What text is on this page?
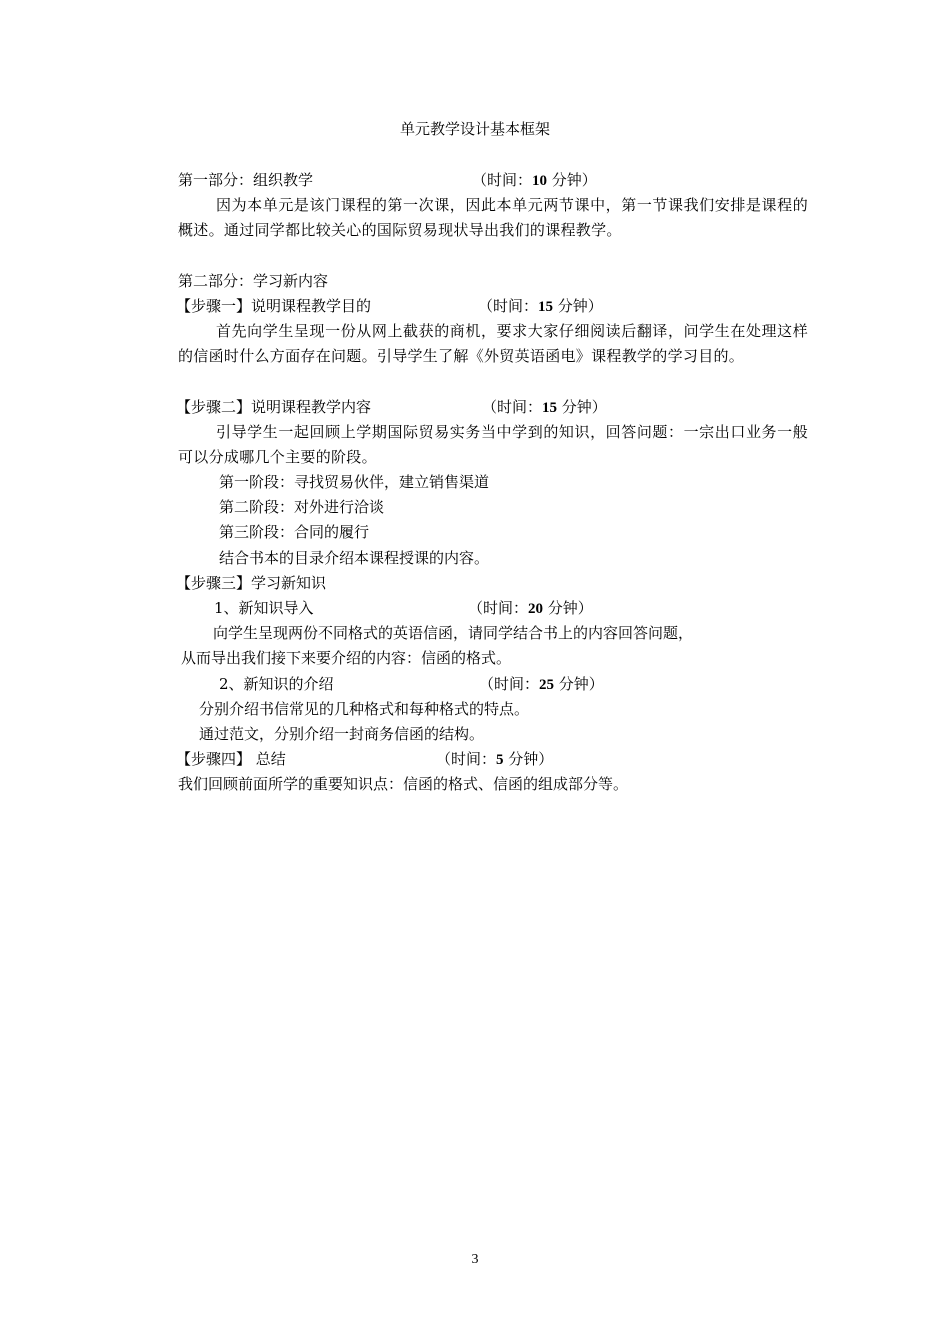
单元教学设计基本框架
第一部分：组织教学	（时间：10 分钟）
因为本单元是该门课程的第一次课，因此本单元两节课中，第一节课我们安排是课程的概述。通过同学都比较关心的国际贸易现状导出我们的课程教学。
第二部分：学习新内容
【步骤一】说明课程教学目的	（时间：15 分钟）
首先向学生呈现一份从网上截获的商机，要求大家仔细阅读后翻译，问学生在处理这样的信函时什么方面存在问题。引导学生了解《外贸英语函电》课程教学的学习目的。
【步骤二】说明课程教学内容	（时间：15 分钟）
引导学生一起回顾上学期国际贸易实务当中学到的知识，回答问题：一宗出口业务一般可以分成哪几个主要的阶段。
第一阶段：寻找贸易伙伴，建立销售渠道
第二阶段：对外进行洽谈
第三阶段：合同的履行
结合书本的目录介绍本课程授课的内容。
【步骤三】学习新知识
1、新知识导入	（时间：20 分钟）
向学生呈现两份不同格式的英语信函，请同学结合书上的内容回答问题，
从而导出我们接下来要介绍的内容：信函的格式。
2、新知识的介绍	（时间：25 分钟）
分别介绍书信常见的几种格式和每种格式的特点。
通过范文，分别介绍一封商务信函的结构。
【步骤四】 总结	（时间：5 分钟）
我们回顾前面所学的重要知识点：信函的格式、信函的组成部分等。
3
